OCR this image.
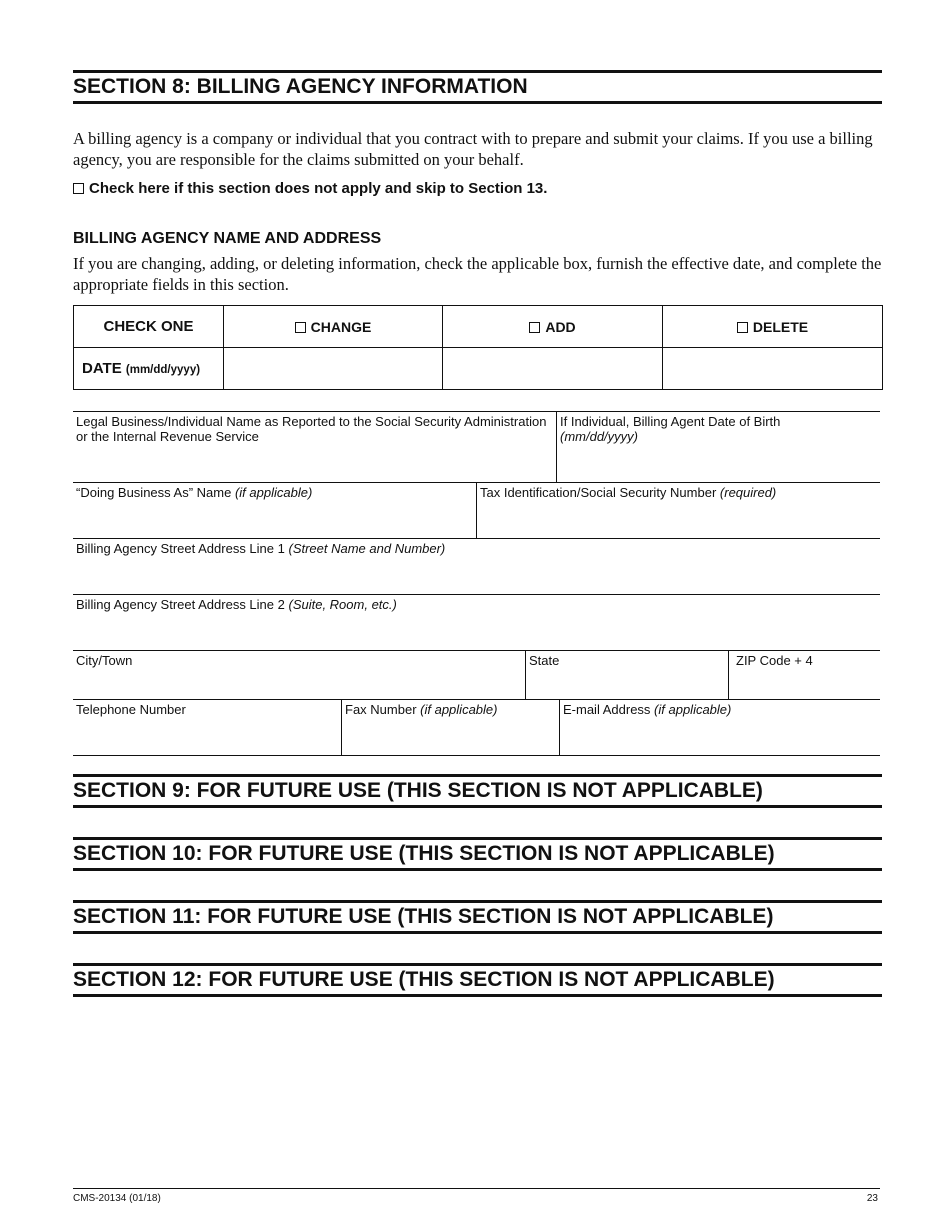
SECTION 8: BILLING AGENCY INFORMATION
A billing agency is a company or individual that you contract with to prepare and submit your claims. If you use a billing agency, you are responsible for the claims submitted on your behalf.
Check here if this section does not apply and skip to Section 13.
BILLING AGENCY NAME AND ADDRESS
If you are changing, adding, or deleting information, check the applicable box, furnish the effective date, and complete the appropriate fields in this section.
CHECK ONE	CHANGE	ADD	DELETE
DATE (mm/dd/yyyy)			
Legal Business/Individual Name as Reported to the Social Security Administration or the Internal Revenue Service
If Individual, Billing Agent Date of Birth
(mm/dd/yyyy)
“Doing Business As” Name (if applicable)	Tax Identification/Social Security Number (required)
Billing Agency Street Address Line 1 (Street Name and Number)
Billing Agency Street Address Line 2 (Suite, Room, etc.)
City/Town	State	ZIP Code + 4
Telephone Number	Fax Number (if applicable)	E-mail Address (if applicable)
SECTION 9: FOR FUTURE USE (THIS SECTION IS NOT APPLICABLE)
SECTION 10: FOR FUTURE USE (THIS SECTION IS NOT APPLICABLE)
SECTION 11: FOR FUTURE USE (THIS SECTION IS NOT APPLICABLE)
SECTION 12: FOR FUTURE USE (THIS SECTION IS NOT APPLICABLE)
CMS-20134 (01/18)	23
